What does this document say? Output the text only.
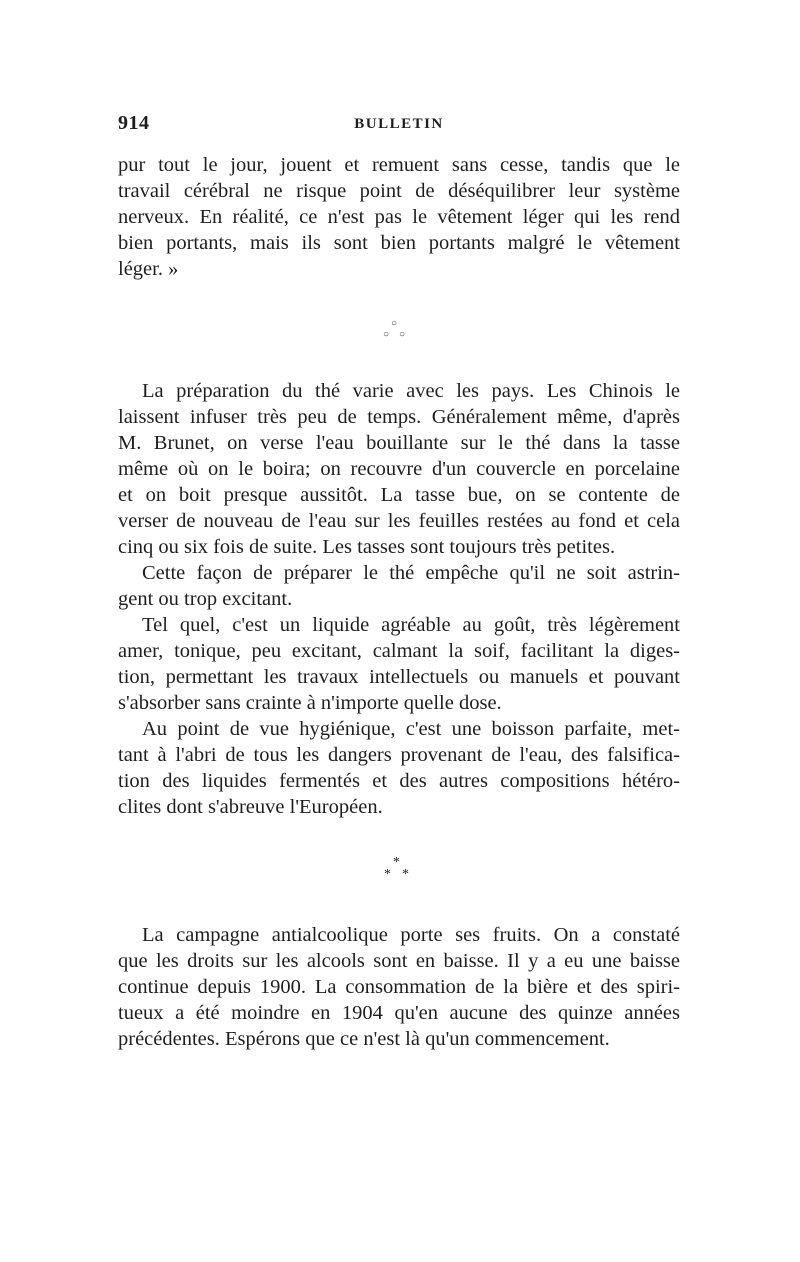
914	BULLETIN
pur tout le jour, jouent et remuent sans cesse, tandis que le
travail cérébral ne risque point de déséquilibrer leur système
nerveux. En réalité, ce n'est pas le vêtement léger qui les rend
bien portants, mais ils sont bien portants malgré le vêtement
léger. »
○
○ ○
La préparation du thé varie avec les pays. Les Chinois le
laissent infuser très peu de temps. Généralement même, d'après
M. Brunet, on verse l'eau bouillante sur le thé dans la tasse
même où on le boira; on recouvre d'un couvercle en porcelaine
et on boit presque aussitôt. La tasse bue, on se contente de
verser de nouveau de l'eau sur les feuilles restées au fond et cela
cinq ou six fois de suite. Les tasses sont toujours très petites.
Cette façon de préparer le thé empêche qu'il ne soit astrin-
gent ou trop excitant.
Tel quel, c'est un liquide agréable au goût, très légèrement
amer, tonique, peu excitant, calmant la soif, facilitant la diges-
tion, permettant les travaux intellectuels ou manuels et pouvant
s'absorber sans crainte à n'importe quelle dose.
Au point de vue hygiénique, c'est une boisson parfaite, met-
tant à l'abri de tous les dangers provenant de l'eau, des falsifica-
tion des liquides fermentés et des autres compositions hétéro-
clites dont s'abreuve l'Européen.
*
* *
La campagne antialcoolique porte ses fruits. On a constaté
que les droits sur les alcools sont en baisse. Il y a eu une baisse
continue depuis 1900. La consommation de la bière et des spiri-
tueux a été moindre en 1904 qu'en aucune des quinze années
précédentes. Espérons que ce n'est là qu'un commencement.
